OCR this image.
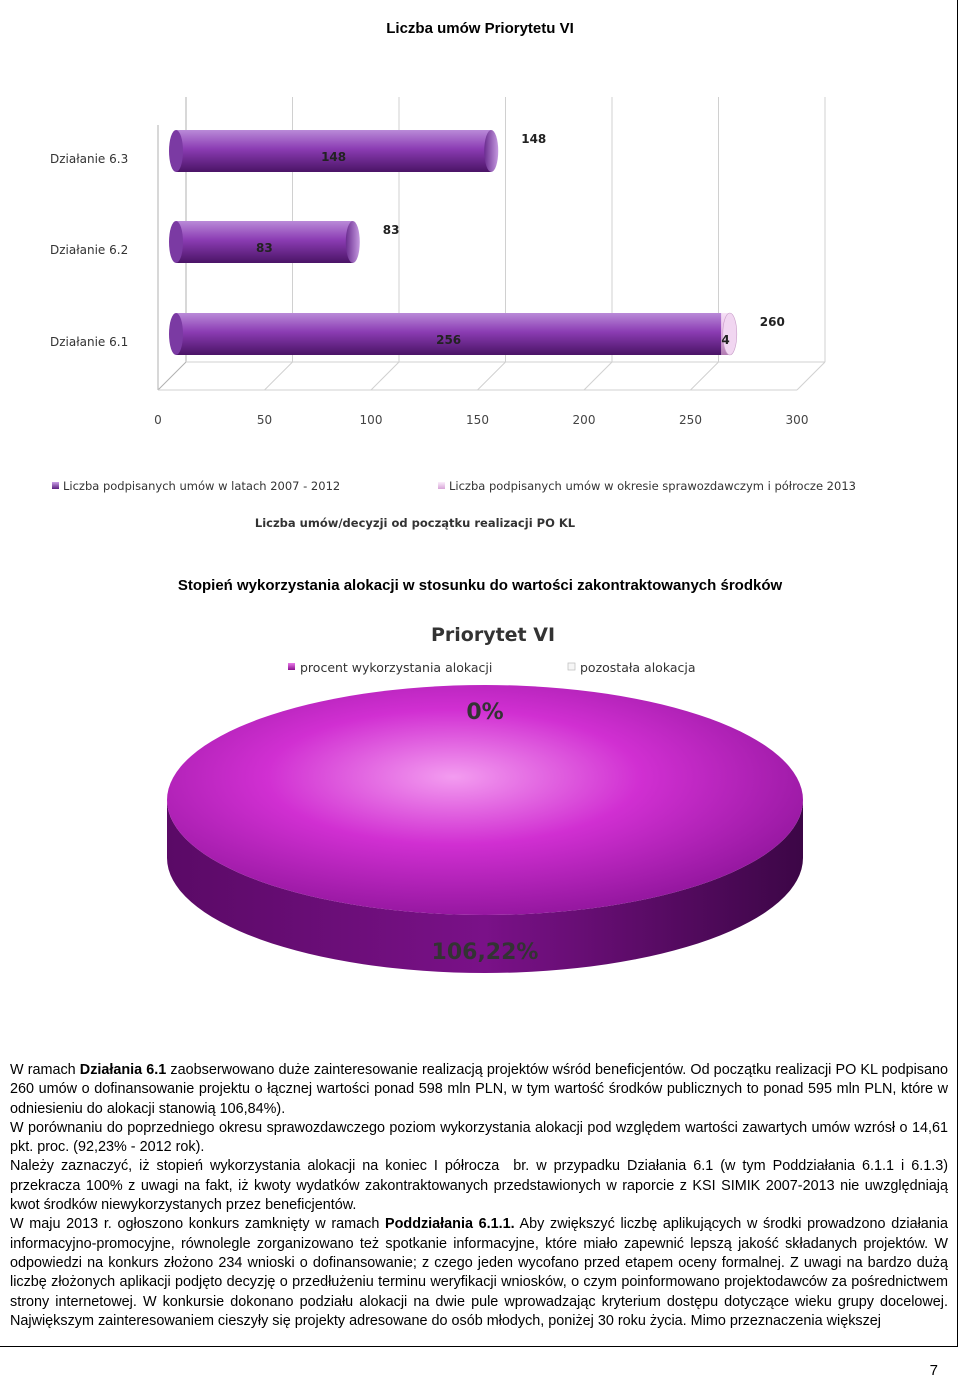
Liczba umów Priorytetu VI
148
148
83
83
256	4
260
Działanie 6.3
Działanie 6.2
Działanie 6.1
0	50	100	150	200	250	300
Liczba podpisanych umów w latach 2007 - 2012	Liczba podpisanych umów w okresie sprawozdawczym i półrocze 2013
Liczba umów/decyzji od początku realizacji PO KL
Stopień wykorzystania alokacji w stosunku do wartości zakontraktowanych środków
Priorytet VI
procent wykorzystania alokacji	pozostała alokacja
106,22%
0%

W ramach Działania 6.1 zaobserwowano duże zainteresowanie realizacją projektów wśród beneficjentów. Od początku realizacji PO KL podpisano 260 umów o dofinansowanie projektu o łącznej wartości ponad 598 mln PLN, w tym wartość środków publicznych to ponad 595 mln PLN, które w odniesieniu do alokacji stanowią 106,84%).

W porównaniu do poprzedniego okresu sprawozdawczego poziom wykorzystania alokacji pod względem wartości zawartych umów wzrósł o 14,61 pkt. proc. (92,23% - 2012 rok).

Należy zaznaczyć, iż stopień wykorzystania alokacji na koniec I półrocza  br. w przypadku Działania 6.1 (w tym Poddziałania 6.1.1 i 6.1.3) przekracza 100% z uwagi na fakt, iż kwoty wydatków zakontraktowanych przedstawionych w raporcie z KSI SIMIK 2007-2013 nie uwzględniają kwot środków niewykorzystanych przez beneficjentów.

W maju 2013 r. ogłoszono konkurs zamknięty w ramach Poddziałania 6.1.1. Aby zwiększyć liczbę aplikujących w środki prowadzono działania informacyjno-promocyjne, równolegle zorganizowano też spotkanie informacyjne, które miało zapewnić lepszą jakość składanych projektów. W odpowiedzi na konkurs złożono 234 wnioski o dofinansowanie; z czego jeden wycofano przed etapem oceny formalnej. Z uwagi na bardzo dużą liczbę złożonych aplikacji podjęto decyzję o przedłużeniu terminu weryfikacji wniosków, o czym poinformowano projektodawców za pośrednictwem strony internetowej. W konkursie dokonano podziału alokacji na dwie pule wprowadzając kryterium dostępu dotyczące wieku grupy docelowej. Największym zainteresowaniem cieszyły się projekty adresowane do osób młodych, poniżej 30 roku życia. Mimo przeznaczenia większej

7
